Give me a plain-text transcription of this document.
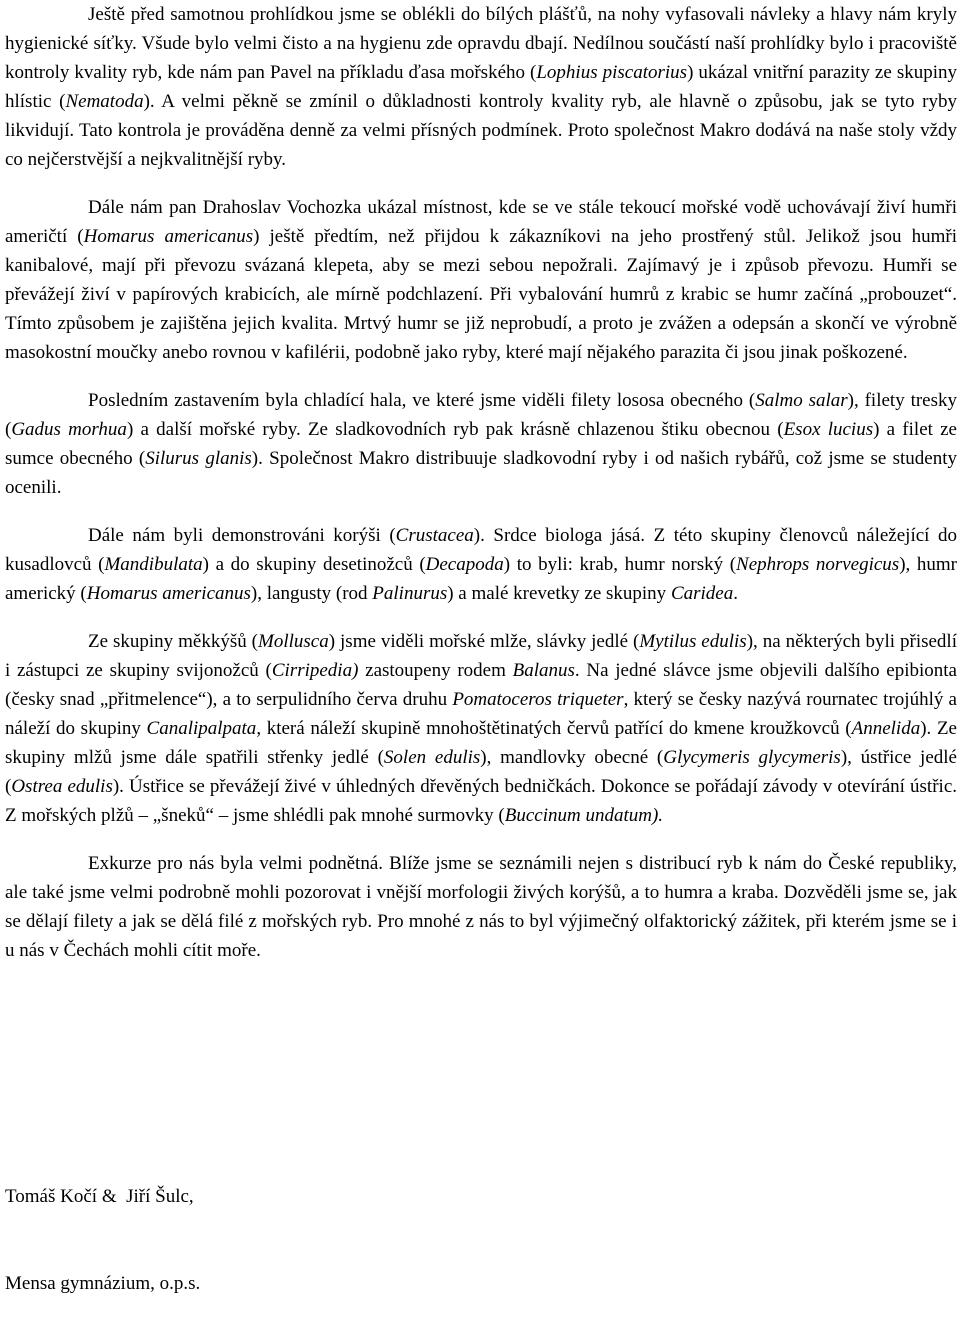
Ještě před samotnou prohlídkou jsme se oblékli do bílých plášťů, na nohy vyfasovali návleky a hlavy nám kryly hygienické síťky. Všude bylo velmi čisto a na hygienu zde opravdu dbají. Nedílnou součástí naší prohlídky bylo i pracoviště kontroly kvality ryb, kde nám pan Pavel na příkladu ďasa mořského (Lophius piscatorius) ukázal vnitřní parazity ze skupiny hlístic (Nematoda). A velmi pěkně se zmínil o důkladnosti kontroly kvality ryb, ale hlavně o způsobu, jak se tyto ryby likvidují. Tato kontrola je prováděna denně za velmi přísných podmínek. Proto společnost Makro dodává na naše stoly vždy co nejčerstvější a nejkvalitnější ryby.

Dále nám pan Drahoslav Vochozka ukázal místnost, kde se ve stále tekoucí mořské vodě uchovávají živí humři američtí (Homarus americanus) ještě předtím, než přijdou k zákazníkovi na jeho prostřený stůl. Jelikož jsou humři kanibalové, mají při převozu svázaná klepeta, aby se mezi sebou nepožrali. Zajímavý je i způsob převozu. Humři se převážejí živí v papírových krabicích, ale mírně podchlazení. Při vybalování humrů z krabic se humr začíná „probouzet“. Tímto způsobem je zajištěna jejich kvalita. Mrtvý humr se již neprobudí, a proto je zvážen a odepsán a skončí ve výrobně masokostní moučky anebo rovnou v kafilérii, podobně jako ryby, které mají nějakého parazita či jsou jinak poškozené.

Posledním zastavením byla chladící hala, ve které jsme viděli filety lososa obecného (Salmo salar), filety tresky (Gadus morhua) a další mořské ryby. Ze sladkovodních ryb pak krásně chlazenou štiku obecnou (Esox lucius) a filet ze sumce obecného (Silurus glanis). Společnost Makro distribuuje sladkovodní ryby i od našich rybářů, což jsme se studenty ocenili.

Dále nám byli demonstrováni korýši (Crustacea). Srdce biologa jásá. Z této skupiny členovců náležející do kusadlovců (Mandibulata) a do skupiny desetinožců (Decapoda) to byli: krab, humr norský (Nephrops norvegicus), humr americký (Homarus americanus), langusty (rod Palinurus) a malé krevetky ze skupiny Caridea.

Ze skupiny měkkýšů (Mollusca) jsme viděli mořské mlže, slávky jedlé (Mytilus edulis), na některých byli přisedlí i zástupci ze skupiny svijonožců (Cirripedia) zastoupeny rodem Balanus. Na jedné slávce jsme objevili dalšího epibionta (česky snad „přitmelence“), a to serpulidního červa druhu Pomatoceros triqueter, který se česky nazývá rournatec trojúhlý a náleží do skupiny Canalipalpata, která náleží skupině mnohoštětinatých červů patřící do kmene kroužkovců (Annelida). Ze skupiny mlžů jsme dále spatřili střenky jedlé (Solen edulis), mandlovky obecné (Glycymeris glycymeris), ústřice jedlé (Ostrea edulis). Ústřice se převážejí živé v úhledných dřevěných bedničkách. Dokonce se pořádají závody v otevírání ústřic. Z mořských plžů – „šneků“ – jsme shlédli pak mnohé surmovky (Buccinum undatum).

Exkurze pro nás byla velmi podnětná. Blíže jsme se seznámili nejen s distribucí ryb k nám do České republiky, ale také jsme velmi podrobně mohli pozorovat i vnější morfologii živých korýšů, a to humra a kraba. Dozvěděli jsme se, jak se dělají filety a jak se dělá filé z mořských ryb. Pro mnohé z nás to byl výjimečný olfaktorický zážitek, při kterém jsme se i u nás v Čechách mohli cítit moře.

Tomáš Kočí &  Jiří Šulc,

Mensa gymnázium, o.p.s.
